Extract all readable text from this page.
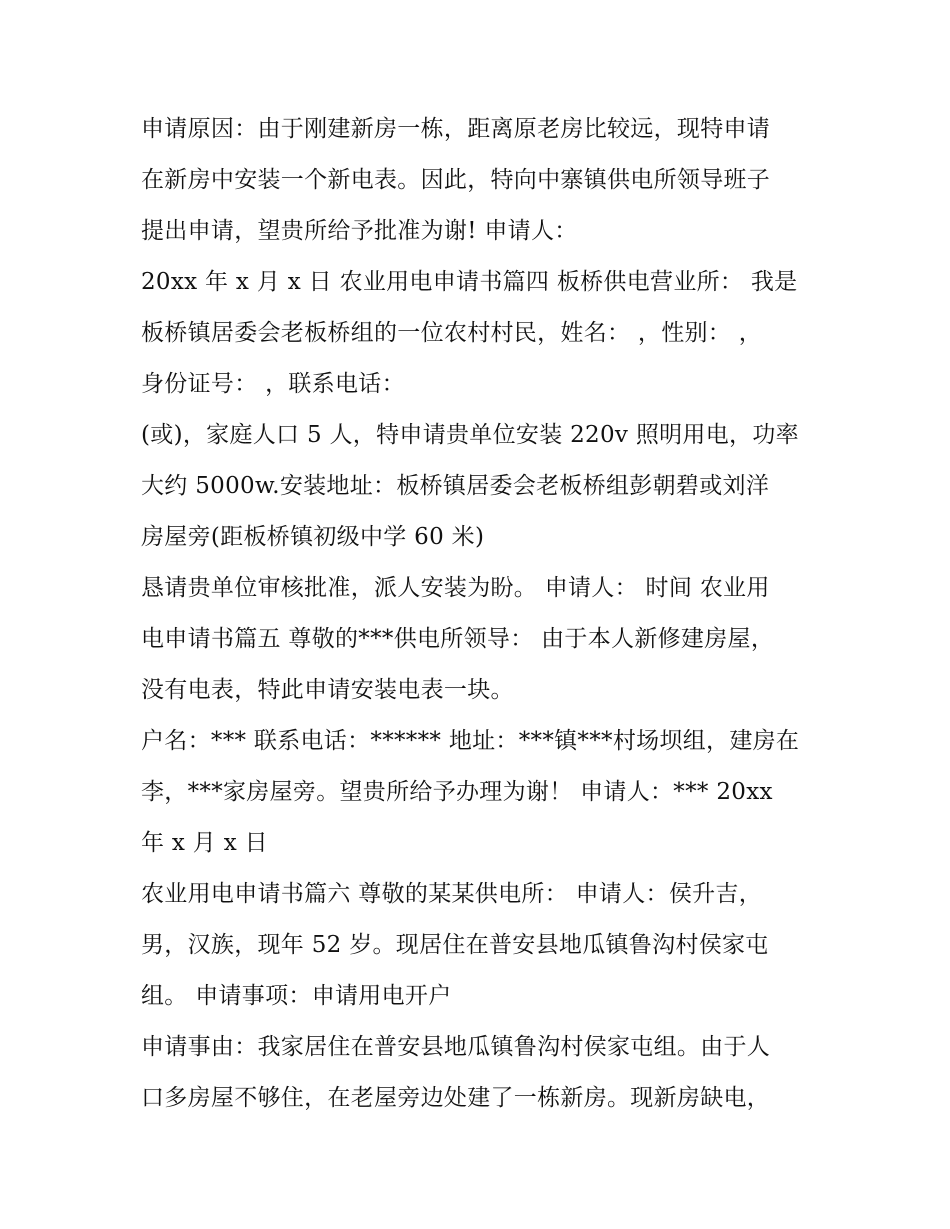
申请原因：由于刚建新房一栋，距离原老房比较远，现特申请
在新房中安装一个新电表。因此，特向中寨镇供电所领导班子
提出申请，望贵所给予批准为谢! 申请人：
20xx 年 x 月 x 日 农业用电申请书篇四 板桥供电营业所： 我是
板桥镇居委会老板桥组的一位农村村民，姓名： ，性别： ，
身份证号： ，联系电话：
(或)，家庭人口 5 人，特申请贵单位安装 220v 照明用电，功率
大约 5000w.安装地址：板桥镇居委会老板桥组彭朝碧或刘洋
房屋旁(距板桥镇初级中学 60 米)
恳请贵单位审核批准，派人安装为盼。 申请人： 时间 农业用
电申请书篇五 尊敬的***供电所领导： 由于本人新修建房屋，
没有电表，特此申请安装电表一块。
户名：*** 联系电话：****** 地址：***镇***村场坝组，建房在
李，***家房屋旁。望贵所给予办理为谢！ 申请人：*** 20xx
年 x 月 x 日
农业用电申请书篇六 尊敬的某某供电所： 申请人：侯升吉，
男，汉族，现年 52 岁。现居住在普安县地瓜镇鲁沟村侯家屯
组。 申请事项：申请用电开户
申请事由：我家居住在普安县地瓜镇鲁沟村侯家屯组。由于人
口多房屋不够住，在老屋旁边处建了一栋新房。现新房缺电，
